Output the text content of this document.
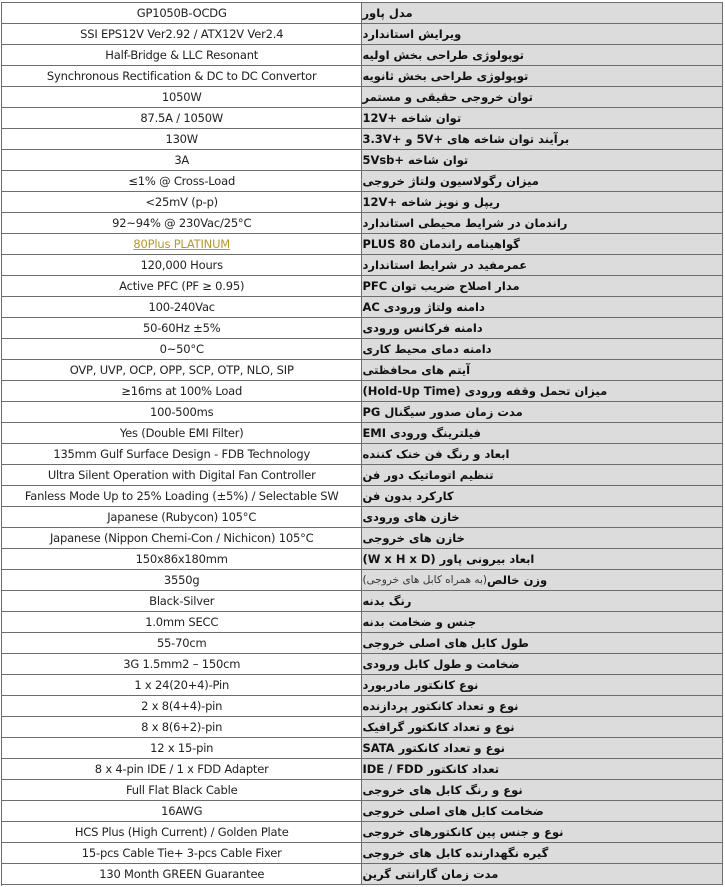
GP1050B-OCDG	مدل پاور
SSI EPS12V Ver2.92 / ATX12V Ver2.4	ویرایش استاندارد
Half-Bridge & LLC Resonant	توپولوژی طراحی بخش اولیه
Synchronous Rectification & DC to DC Convertor	توپولوژی طراحی بخش ثانویه
1050W	توان خروجی حقیقی و مستمر
87.5A / 1050W	توان شاخه +12V
130W	برآیند توان شاخه های +5V و +3.3V
3A	توان شاخه +5Vsb
≤1% @ Cross-Load	میزان رگولاسیون ولتاژ خروجی
<25mV (p-p)	ریپل و نویز شاخه +12V
92~94% @ 230Vac/25°C	راندمان در شرایط محیطی استاندارد
80Plus PLATINUM	گواهینامه راندمان 80 PLUS
120,000 Hours	عمرمفید در شرایط استاندارد
Active PFC (PF ≥ 0.95)	مدار اصلاح ضریب توان PFC
100-240Vac	دامنه ولتاژ ورودی AC
50-60Hz ±5%	دامنه فرکانس ورودی
0~50°C	دامنه دمای محیط کاری
OVP, UVP, OCP, OPP, SCP, OTP, NLO, SIP	آیتم های محافظتی
≥16ms at 100% Load	میزان تحمل وقفه ورودی (Hold-Up Time)
100-500ms	مدت زمان صدور سیگنال PG
Yes (Double EMI Filter)	فیلترینگ ورودی EMI
135mm Gulf Surface Design - FDB Technology	ابعاد و رنگ فن خنک کننده
Ultra Silent Operation with Digital Fan Controller	تنظیم اتوماتیک دور فن
Fanless Mode Up to 25% Loading (±5%) / Selectable SW کارکرد بدون فن
Japanese (Rubycon) 105°C	خازن های ورودی
Japanese (Nippon Chemi-Con / Nichicon) 105°C	خازن های خروجی
150x86x180mm	ابعاد بیرونی پاور (W x H x D)
3550g	وزن خالص
(به همراه کابل های خروجی)
Black-Silver	رنگ بدنه
1.0mm SECC	جنس و ضخامت بدنه
55-70cm	طول کابل های اصلی خروجی
3G 1.5mm2 – 150cm	ضخامت و طول کابل ورودی
1 x 24(20+4)-Pin	نوع کانکتور مادربورد
2 x 8(4+4)-pin	نوع و تعداد کانکتور پردازنده
8 x 8(6+2)-pin	نوع و تعداد کانکتور گرافیک
12 x 15-pin	نوع و تعداد کانکتور SATA
8 x 4-pin IDE / 1 x FDD Adapter	تعداد کانکتور IDE / FDD
Full Flat Black Cable	نوع و رنگ کابل های خروجی
16AWG	ضخامت کابل های اصلی خروجی
HCS Plus (High Current) / Golden Plate	نوع و جنس پین کانکتورهای خروجی
15-pcs Cable Tie+ 3-pcs Cable Fixer	گیره نگهدارنده کابل های خروجی
130 Month GREEN Guarantee	مدت زمان گارانتی گرین
